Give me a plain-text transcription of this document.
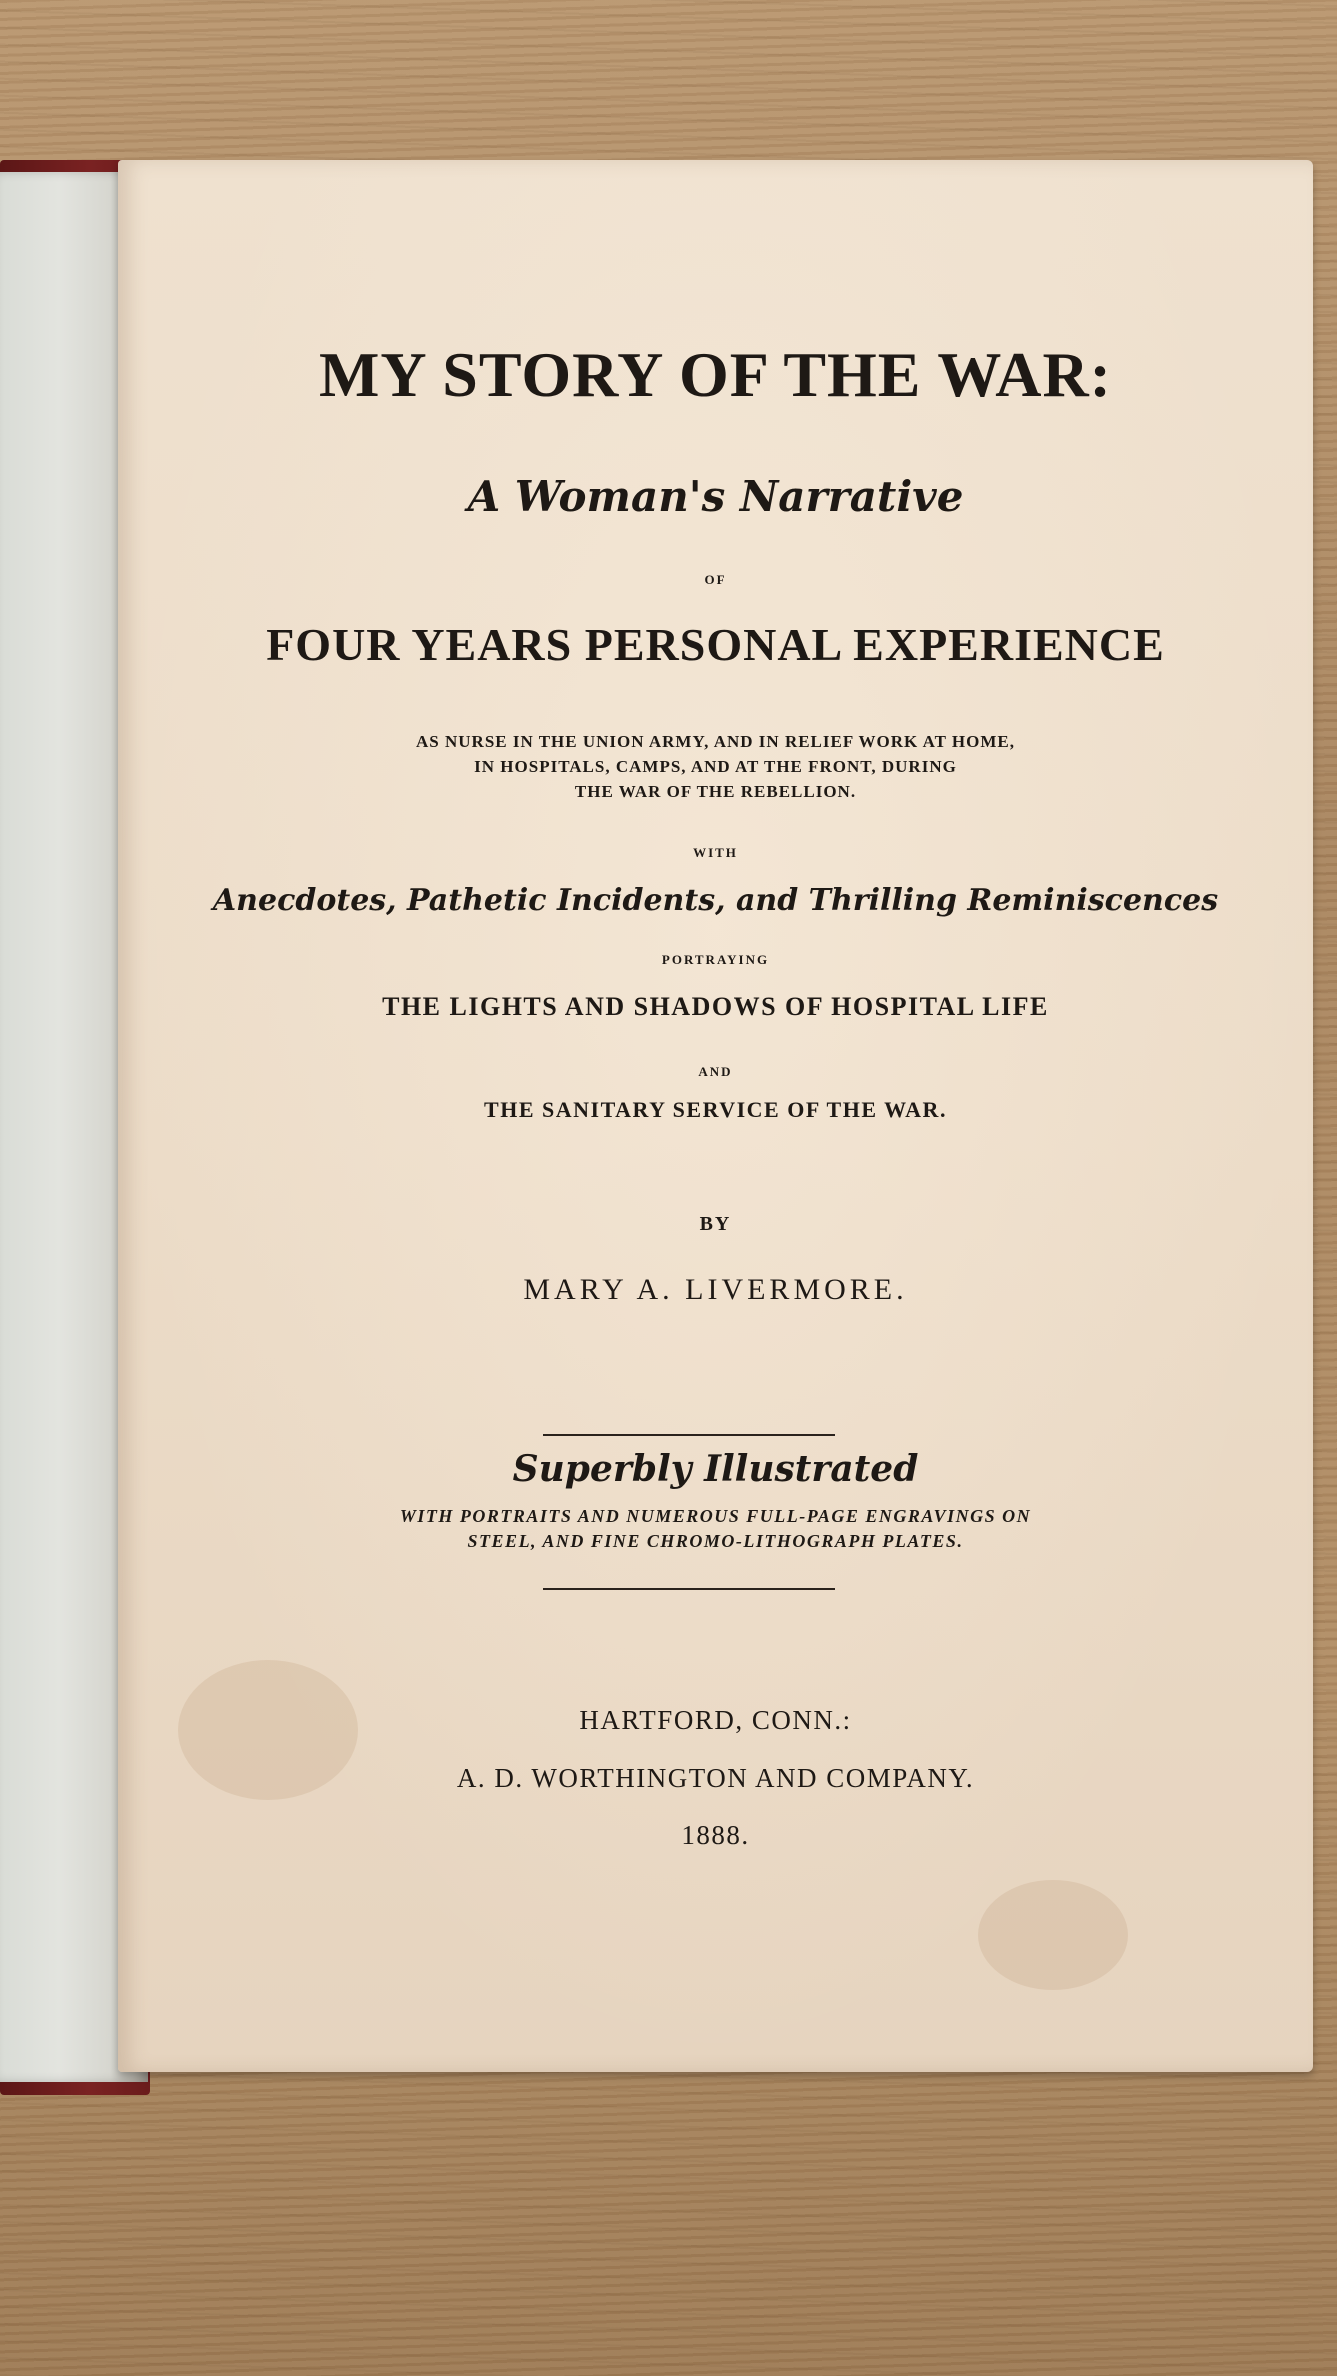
MY STORY OF THE WAR:

A Woman's Narrative

OF

FOUR YEARS PERSONAL EXPERIENCE

AS NURSE IN THE UNION ARMY, AND IN RELIEF WORK AT HOME,

IN HOSPITALS, CAMPS, AND AT THE FRONT, DURING

THE WAR OF THE REBELLION.

WITH

Anecdotes, Pathetic Incidents, and Thrilling Reminiscences

PORTRAYING

THE LIGHTS AND SHADOWS OF HOSPITAL LIFE

AND

THE SANITARY SERVICE OF THE WAR.

BY

MARY A. LIVERMORE.

Superbly Illustrated

WITH PORTRAITS AND NUMEROUS FULL-PAGE ENGRAVINGS ON

STEEL, AND FINE CHROMO-LITHOGRAPH PLATES.

HARTFORD, CONN.:

A. D. WORTHINGTON AND COMPANY.

1888.
